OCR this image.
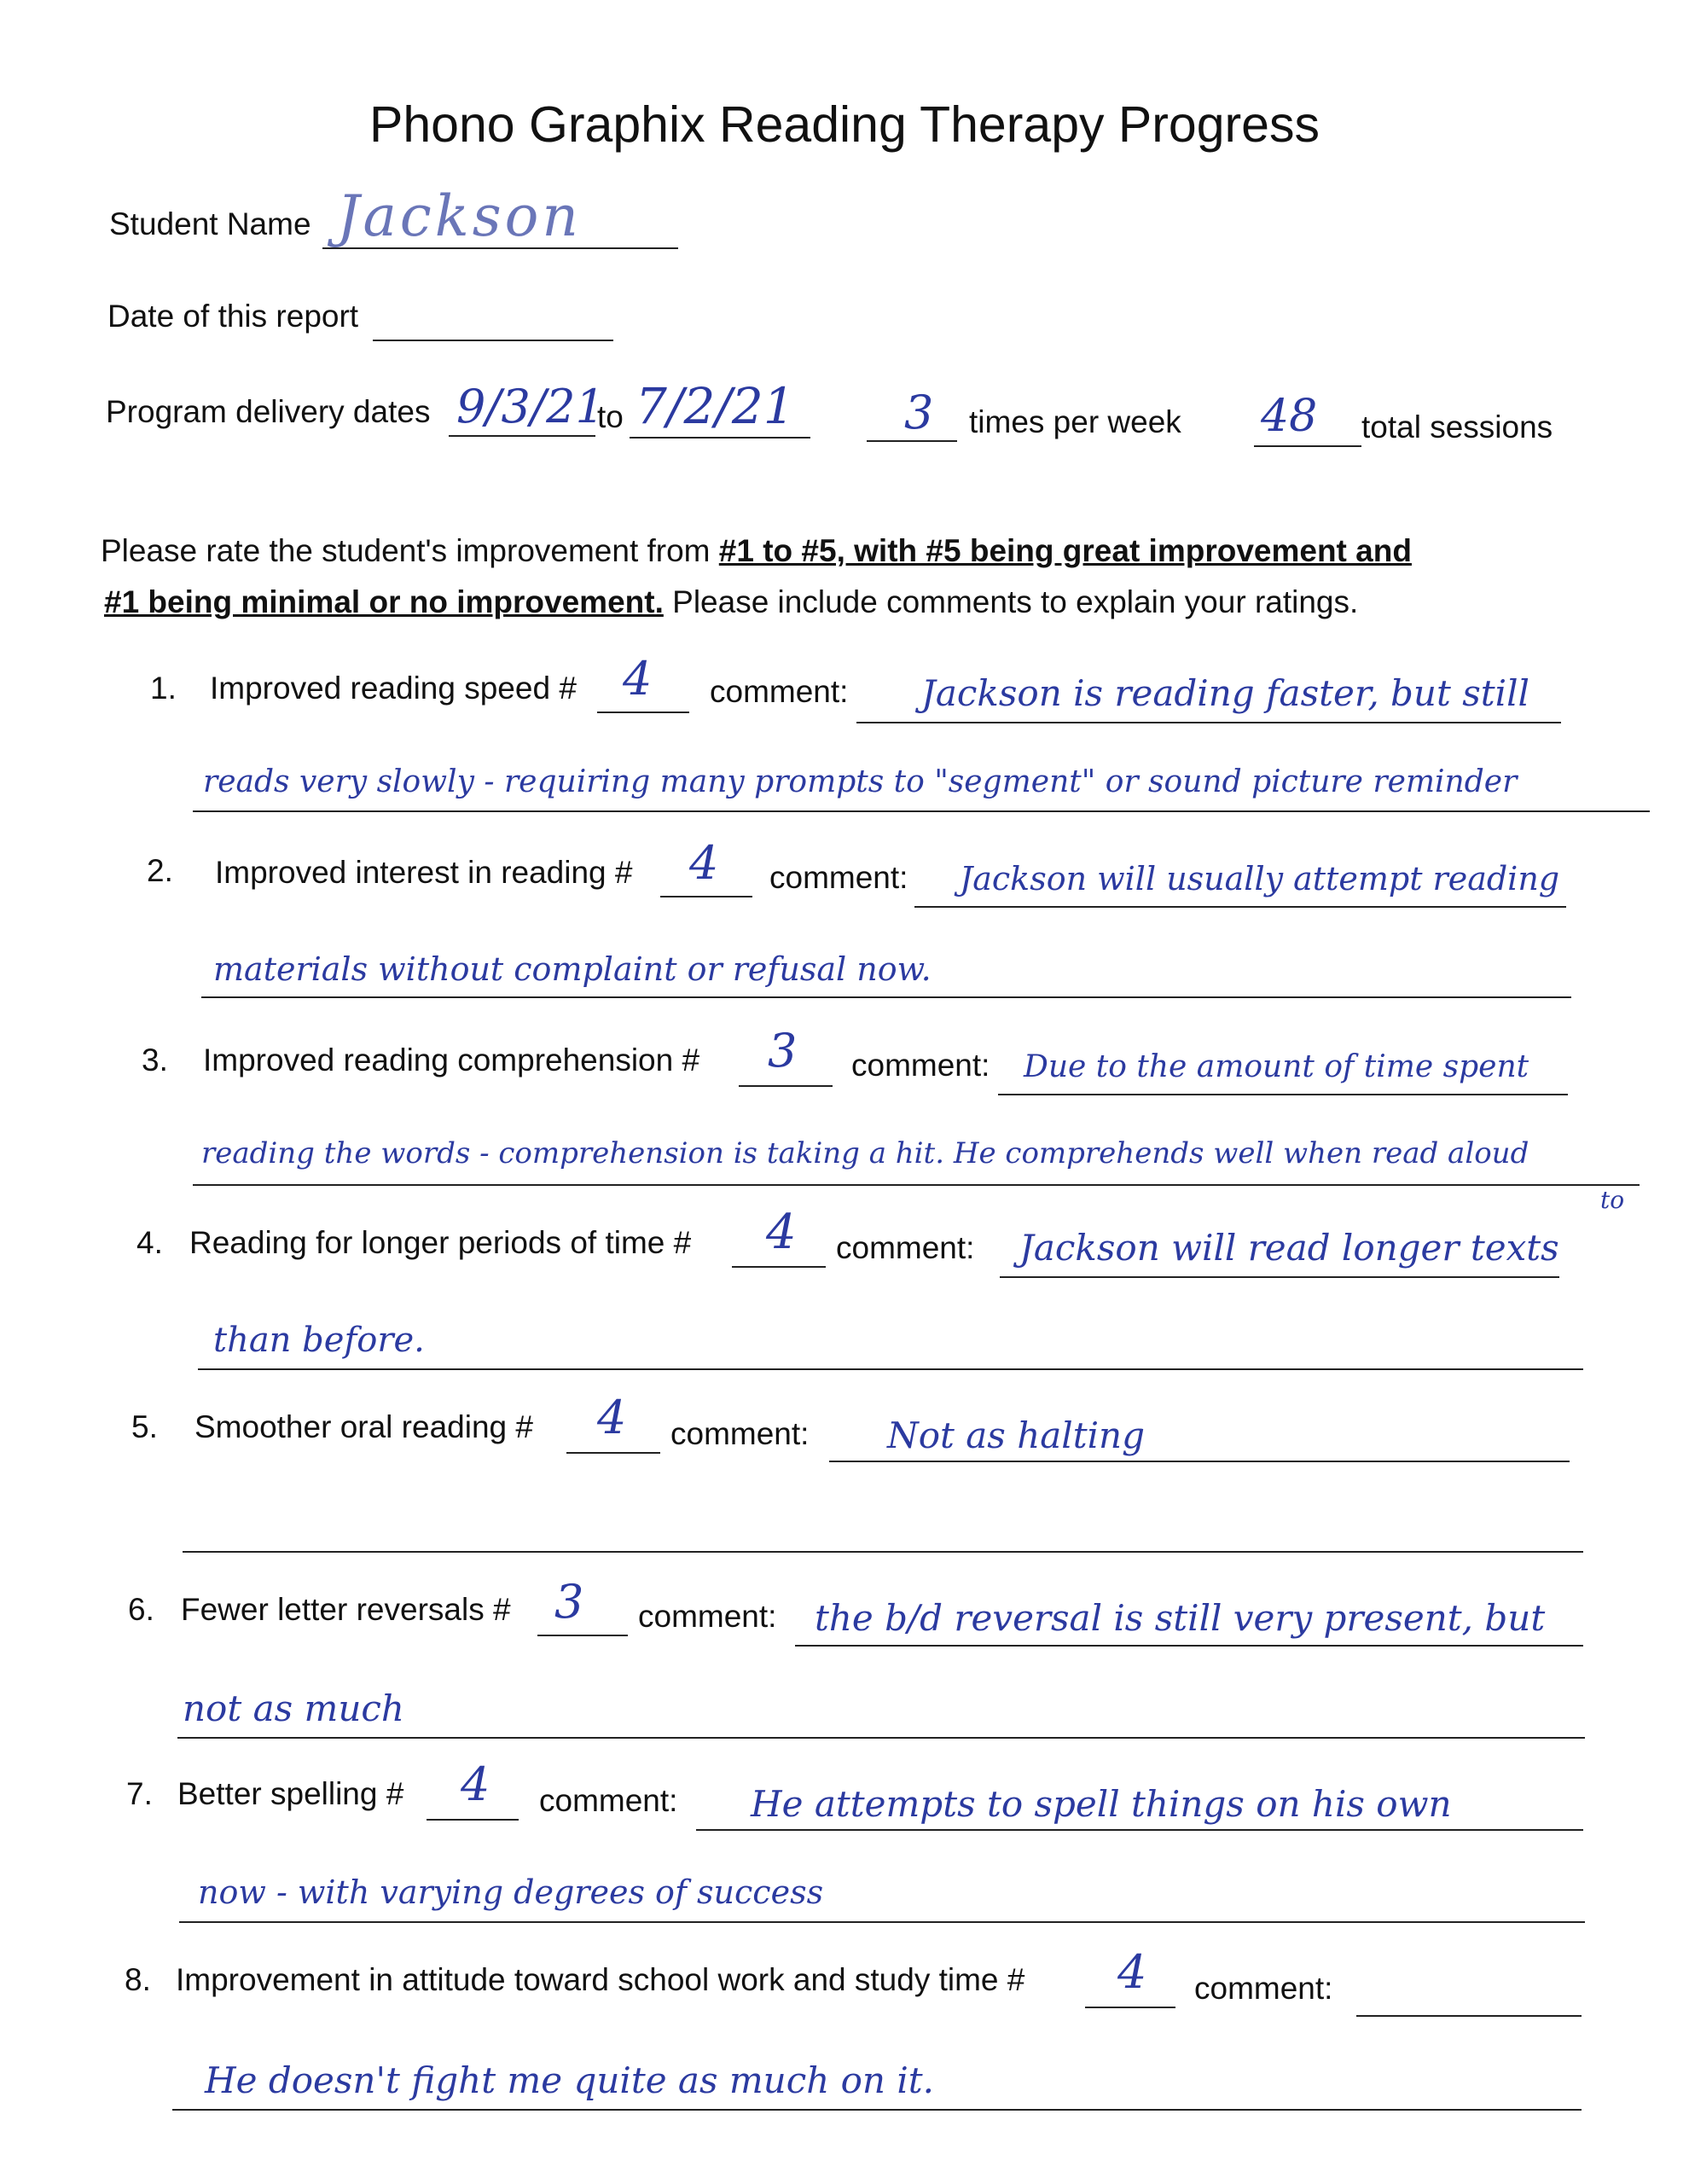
Phono Graphix Reading Therapy Progress
Student Name Jackson
Date of this report
Program delivery dates 9/3/21
to 7/2/21 3 times per week 48 total sessions
Please rate the student's improvement from #1 to #5, with #5 being great improvement and
#1 being minimal or no improvement. Please include comments to explain your ratings.
1. Improved reading speed # 4 comment: Jackson is reading faster, but still
reads very slowly - requiring many prompts to "segment" or sound picture reminder
2. Improved interest in reading # 4 comment: Jackson will usually attempt reading
materials without complaint or refusal now.
3. Improved reading comprehension # 3 comment: Due to the amount of time spent
reading the words - comprehension is taking a hit. He comprehends well when read aloud
to
4. Reading for longer periods of time # 4 comment: Jackson will read longer texts
than before.
5. Smoother oral reading # 4 comment: Not as halting
6. Fewer letter reversals # 3 comment: the b/d reversal is still very present, but
not as much
7. Better spelling # 4 comment: He attempts to spell things on his own
now - with varying degrees of success
8. Improvement in attitude toward school work and study time # 4 comment:
He doesn't fight me quite as much on it.
